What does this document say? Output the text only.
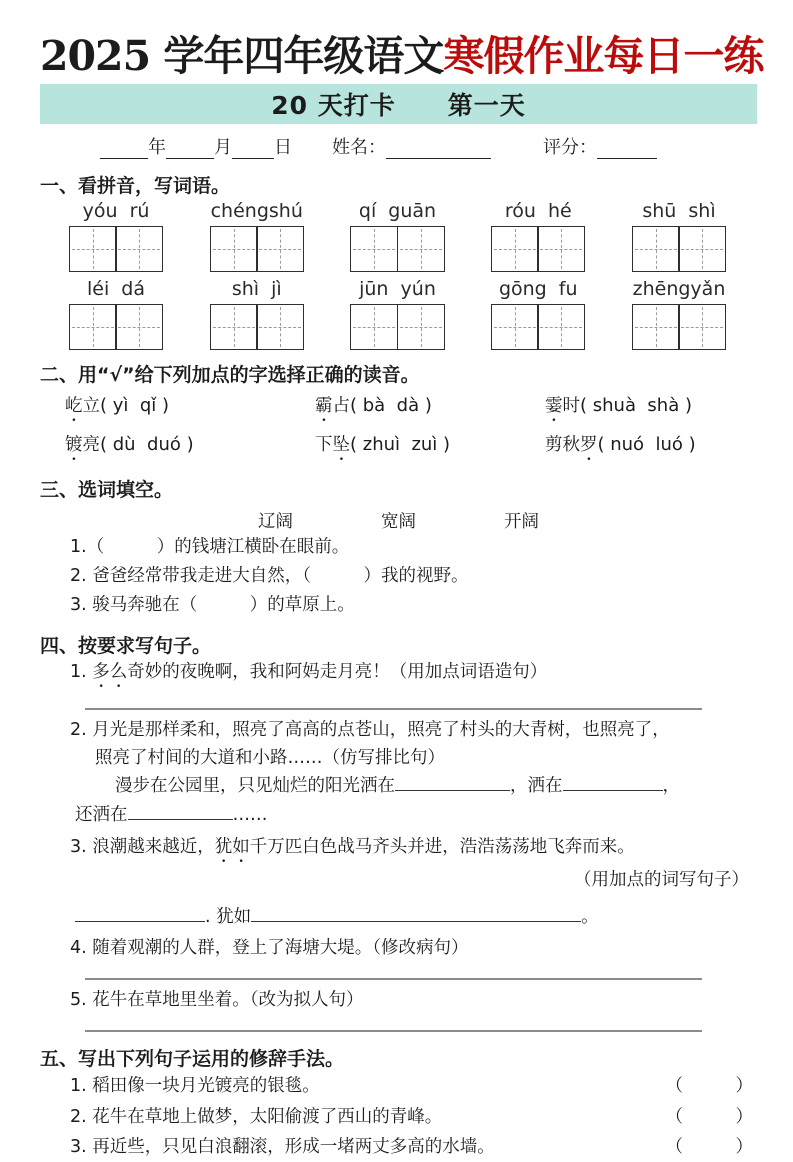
2025 学年四年级语文寒假作业每日一练
20 天打卡　　第一天
年	月 日 姓名：	评分：
一、看拼音，写词语。
yóu  rú	chéngshú	qí  guān	róu  hé	shū  shì
léi  dá	shì  jì	jūn  yún	gōng  fu	zhēngyǎn
二、用“√”给下列加点的字选择正确的读音。
屹立( yì  qǐ )	霸占( bà  dà )	霎时( shuà  shà )
镀亮( dù  duó )	下坠( zhuì  zuì )	剪秋罗( nuó  luó )
三、选词填空。
辽阔	宽阔	开阔
1.（　　　）的钱塘江横卧在眼前。
2. 爸爸经常带我走进大自然，（　　　）我的视野。
3. 骏马奔驰在（　　　）的草原上。
四、按要求写句子。
1. 多么奇妙的夜晚啊，我和阿妈走月亮！（用加点词语造句）
2. 月光是那样柔和，照亮了高高的点苍山，照亮了村头的大青树，也照亮了，
照亮了村间的大道和小路……（仿写排比句）
漫步在公园里，只见灿烂的阳光洒在	，洒在	，
还洒在	……
3. 浪潮越来越近，犹如千万匹白色战马齐头并进，浩浩荡荡地飞奔而来。
（用加点的词写句子）
. 犹如	。
4. 随着观潮的人群，登上了海塘大堤。（修改病句）
5. 花牛在草地里坐着。（改为拟人句）
五、写出下列句子运用的修辞手法。
1. 稻田像一块月光镀亮的银毯。	（　　　）
2. 花牛在草地上做梦，太阳偷渡了西山的青峰。	（　　　）
3. 再近些，只见白浪翻滚，形成一堵两丈多高的水墙。	（　　　）
